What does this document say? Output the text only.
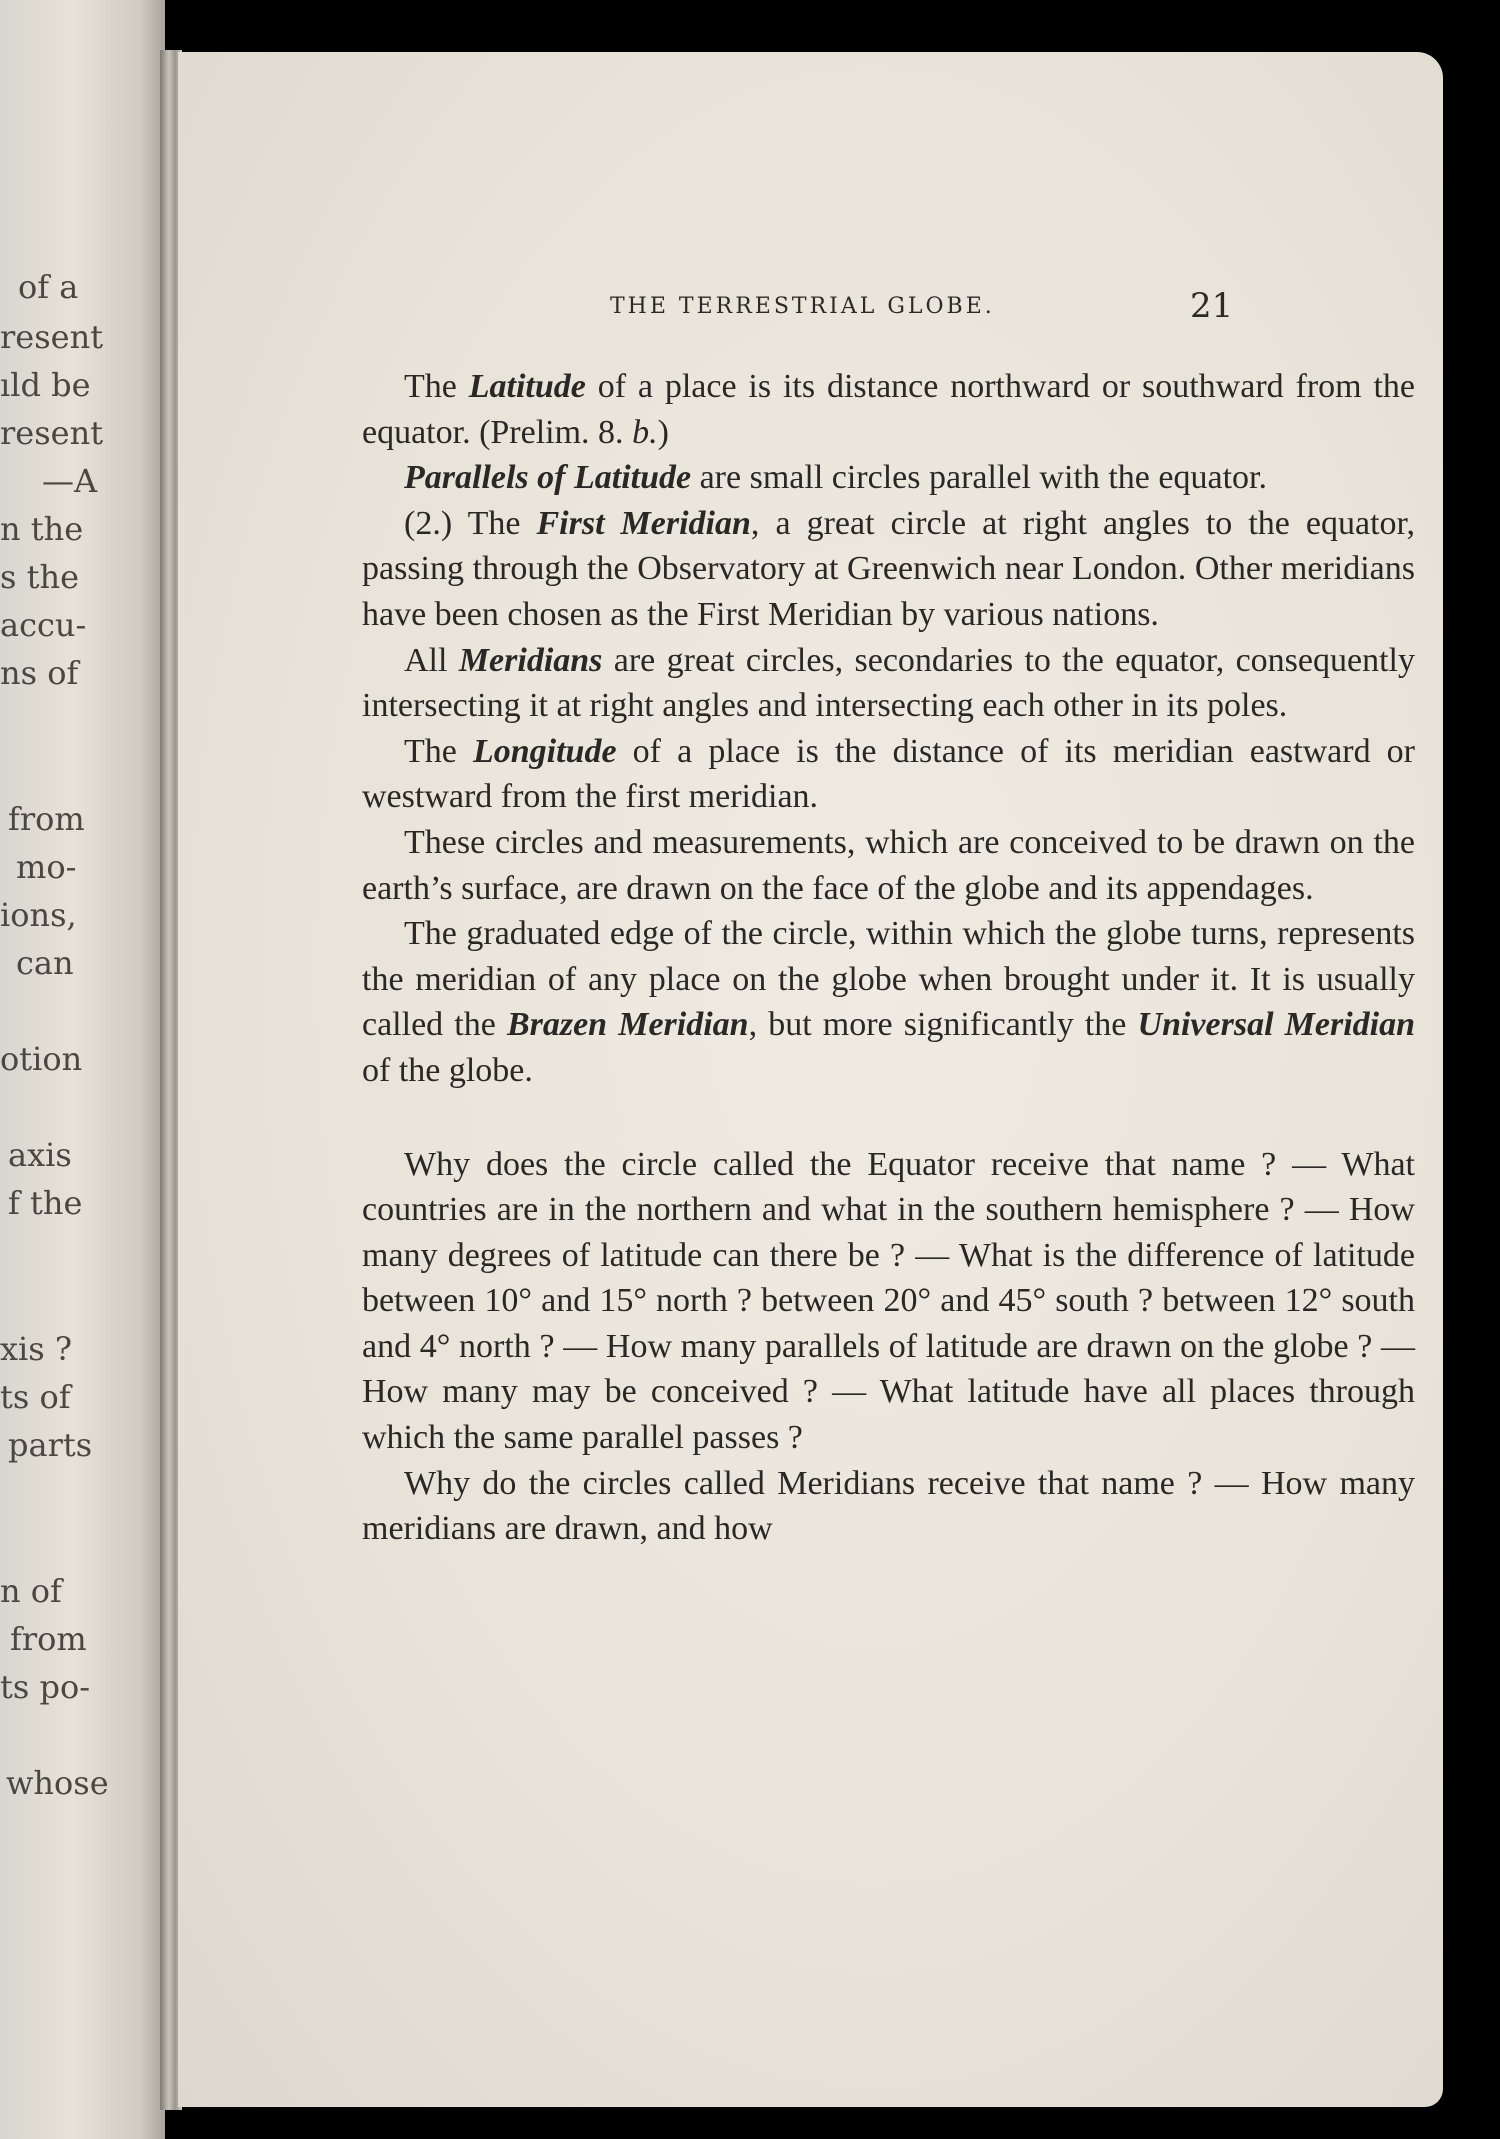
of a
resent
ıld be
resent
—A
n the
s the
accu-
ns of
from
mo-
ions,
can
otion
axis
f the
xis ?
ts of
parts
n of
from
ts po-
whose
THE TERRESTRIAL GLOBE.	21

The Latitude of a place is its distance northward or southward from the equator. (Prelim. 8. b.)

Parallels of Latitude are small circles parallel with the equator.

(2.) The First Meridian, a great circle at right angles to the equator, passing through the Observatory at Greenwich near London. Other meridians have been chosen as the First Meridian by various nations.

All Meridians are great circles, secondaries to the equator, consequently intersecting it at right angles and intersecting each other in its poles.

The Longitude of a place is the distance of its meridian eastward or westward from the first meridian.

These circles and measurements, which are conceived to be drawn on the earth’s surface, are drawn on the face of the globe and its appendages.

The graduated edge of the circle, within which the globe turns, represents the meridian of any place on the globe when brought under it. It is usually called the Brazen Meridian, but more significantly the Universal Meridian of the globe.

Why does the circle called the Equator receive that name ? — What countries are in the northern and what in the southern hemisphere ? — How many degrees of latitude can there be ? — What is the difference of latitude between 10° and 15° north ? between 20° and 45° south ? between 12° south and 4° north ? — How many parallels of latitude are drawn on the globe ? — How many may be conceived ? — What latitude have all places through which the same parallel passes ?

Why do the circles called Meridians receive that name ? — How many meridians are drawn, and how
